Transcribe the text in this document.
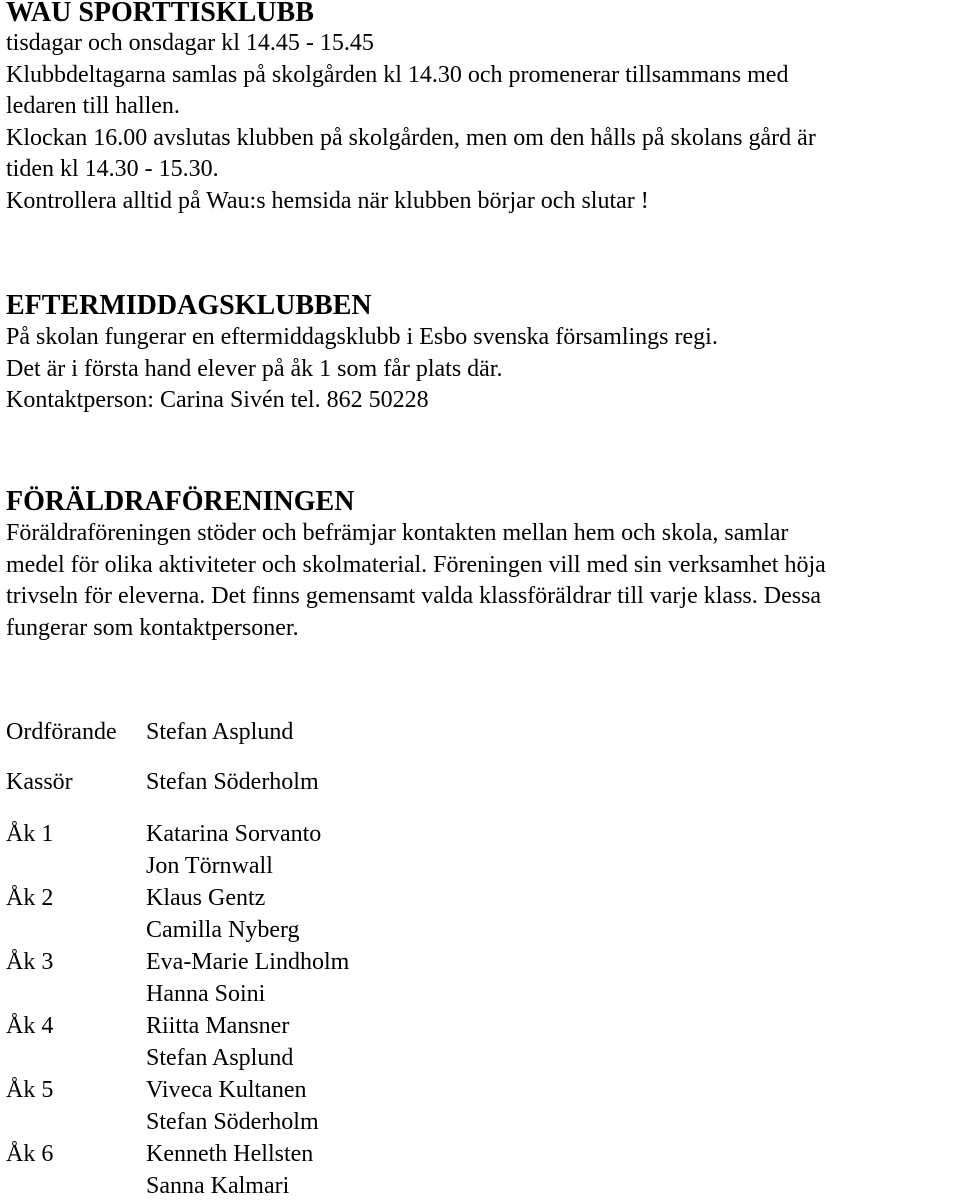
WAU SPORTTISKLUBB

tisdagar och onsdagar kl 14.45 - 15.45

Klubbdeltagarna samlas på skolgården kl 14.30 och promenerar tillsammans med

ledaren till hallen.

Klockan 16.00 avslutas klubben på skolgården, men om den hålls på skolans gård är

tiden kl 14.30 - 15.30.

Kontrollera alltid på Wau:s hemsida när klubben börjar och slutar !

EFTERMIDDAGSKLUBBEN

På skolan fungerar en eftermiddagsklubb i Esbo svenska församlings regi.

Det är i första hand elever på åk 1 som får plats där.

Kontaktperson: Carina Sivén tel. 862 50228

FÖRÄLDRAFÖRENINGEN

Föräldraföreningen stöder och befrämjar kontakten mellan hem och skola, samlar

medel för olika aktiviteter och skolmaterial. Föreningen vill med sin verksamhet höja

trivseln för eleverna. Det finns gemensamt valda klassföräldrar till varje klass. Dessa

fungerar som kontaktpersoner.

Ordförande Stefan Asplund
Kassör	Stefan Söderholm
Åk 1	Katarina Sorvanto
Jon Törnwall
Åk 2	Klaus Gentz
Camilla Nyberg
Åk 3	Eva-Marie Lindholm
Hanna Soini
Åk 4	Riitta Mansner
Stefan Asplund
Åk 5	Viveca Kultanen
Stefan Söderholm
Åk 6	Kenneth Hellsten
Sanna Kalmari
